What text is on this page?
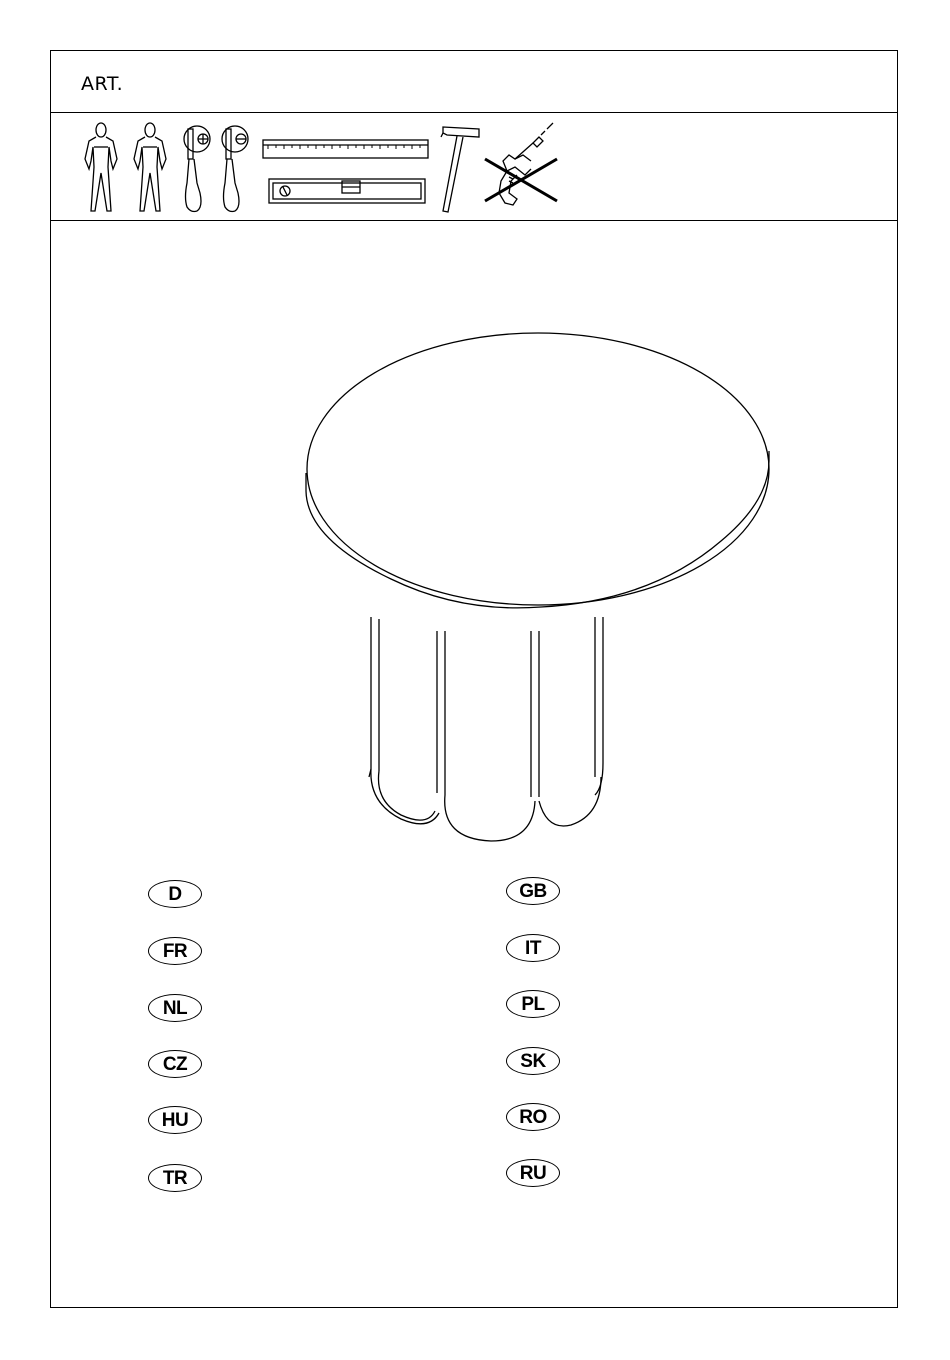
ART.
D
FR
NL
CZ
HU
TR
GB
IT
PL
SK
RO
RU
